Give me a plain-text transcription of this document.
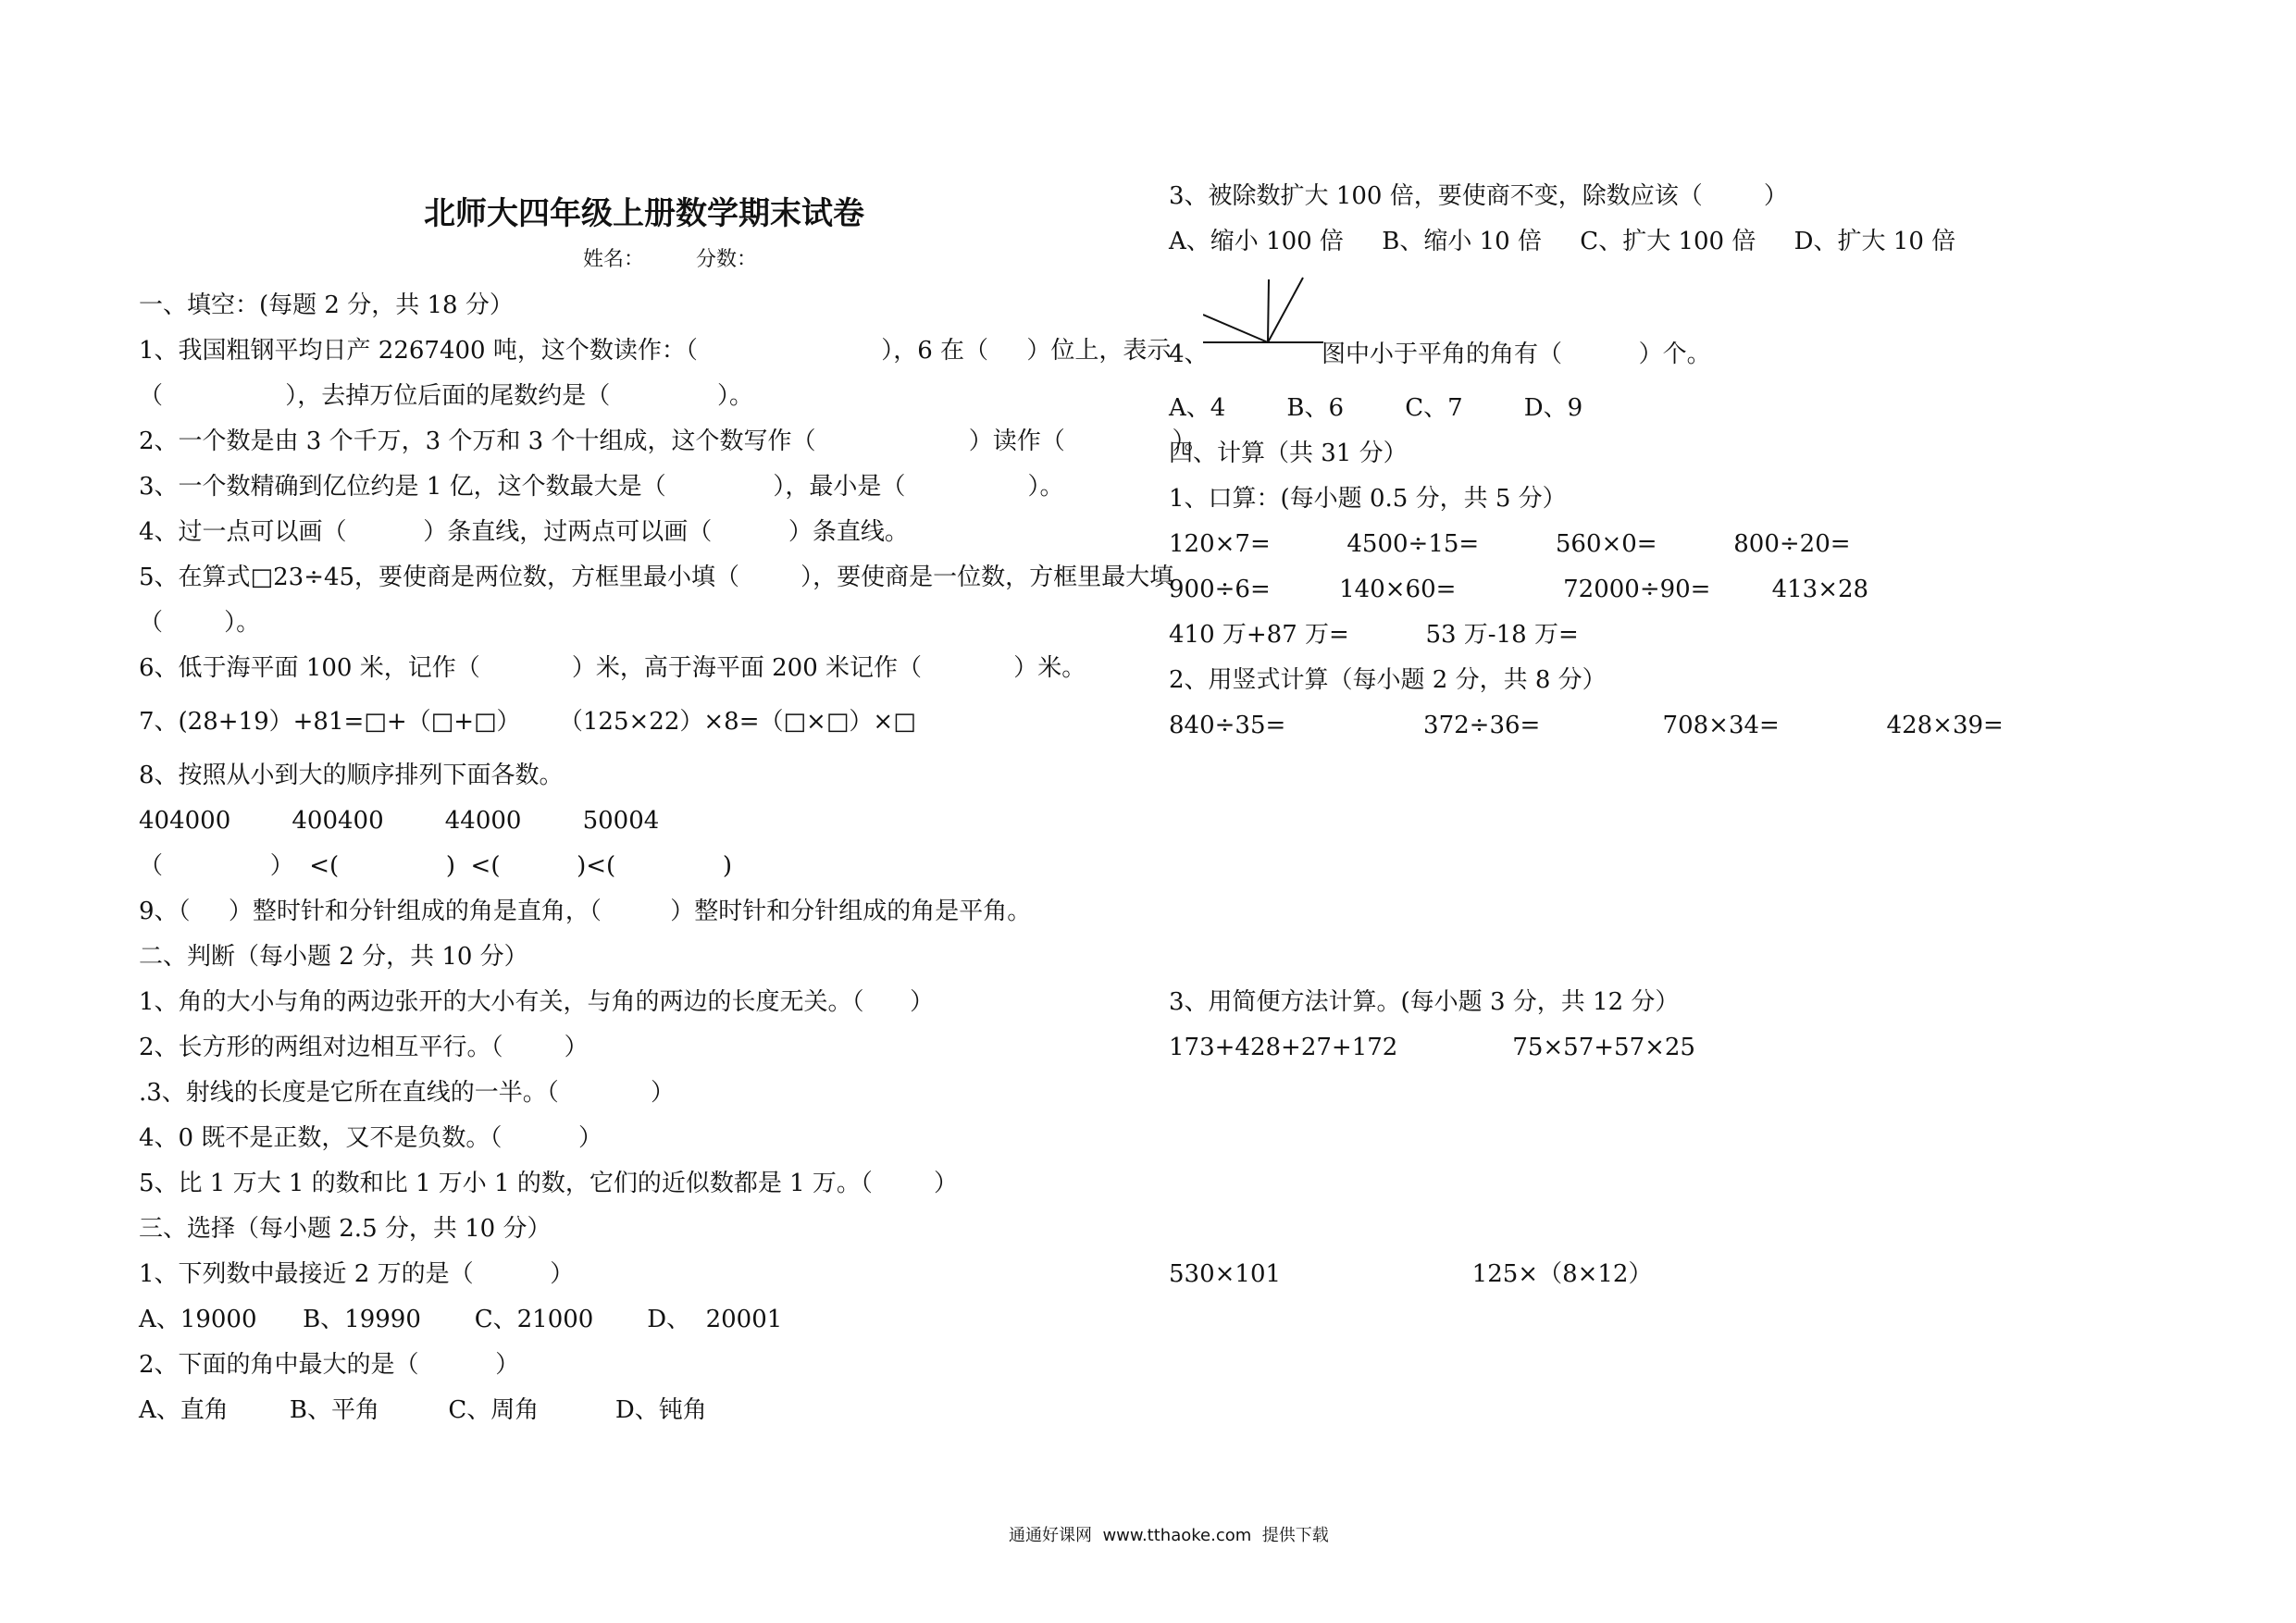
北师大四年级上册数学期末试卷
姓名：        分数：
一、填空：(每题 2 分，共 18 分）
1、我国粗钢平均日产 2267400 吨，这个数读作：（                        ），6 在（     ）位上，表示
（                ），去掉万位后面的尾数约是（              ）。
2、一个数是由 3 个千万，3 个万和 3 个十组成，这个数写作（                    ）读作（              ）。
3、一个数精确到亿位约是 1 亿，这个数最大是（              ），最小是（                ）。
4、过一点可以画（          ）条直线，过两点可以画（          ）条直线。
5、在算式□23÷45，要使商是两位数，方框里最小填（        ），要使商是一位数，方框里最大填
（        ）。
6、低于海平面 100 米，记作（            ）米，高于海平面 200 米记作（            ）米。
7、(28+19）+81=□+（□+□）     （125×22）×8=（□×□）×□
8、按照从小到大的顺序排列下面各数。
404000        400400        44000        50004
（              ）  <(              )  <(          )<(              )
9、（     ）整时针和分针组成的角是直角，（         ）整时针和分针组成的角是平角。
二、判断（每小题 2 分，共 10 分）
1、角的大小与角的两边张开的大小有关，与角的两边的长度无关。（      ）
2、长方形的两组对边相互平行。（        ）
.3、射线的长度是它所在直线的一半。（            ）
4、0 既不是正数，又不是负数。（          ）
5、比 1 万大 1 的数和比 1 万小 1 的数，它们的近似数都是 1 万。（        ）
三、选择（每小题 2.5 分，共 10 分）
1、下列数中最接近 2 万的是（          ）
A、19000      B、19990       C、21000       D、  20001
2、下面的角中最大的是（          ）
A、直角        B、平角         C、周角          D、钝角
3、被除数扩大 100 倍，要使商不变，除数应该（        ）
A、缩小 100 倍     B、缩小 10 倍     C、扩大 100 倍     D、扩大 10 倍
4、	图中小于平角的角有（          ）个。
A、4        B、6        C、7        D、9
四、计算（共 31 分）
1、口算：(每小题 0.5 分，共 5 分）
120×7=          4500÷15=          560×0=          800÷20=
900÷6=         140×60=              72000÷90=        413×28
410 万+87 万=          53 万-18 万=
2、用竖式计算（每小题 2 分，共 8 分）
840÷35=                  372÷36=                708×34=              428×39=
3、用简便方法计算。(每小题 3 分，共 12 分）
173+428+27+172               75×57+57×25
530×101                         125×（8×12）
通通好课网  www.tthaoke.com  提供下载
